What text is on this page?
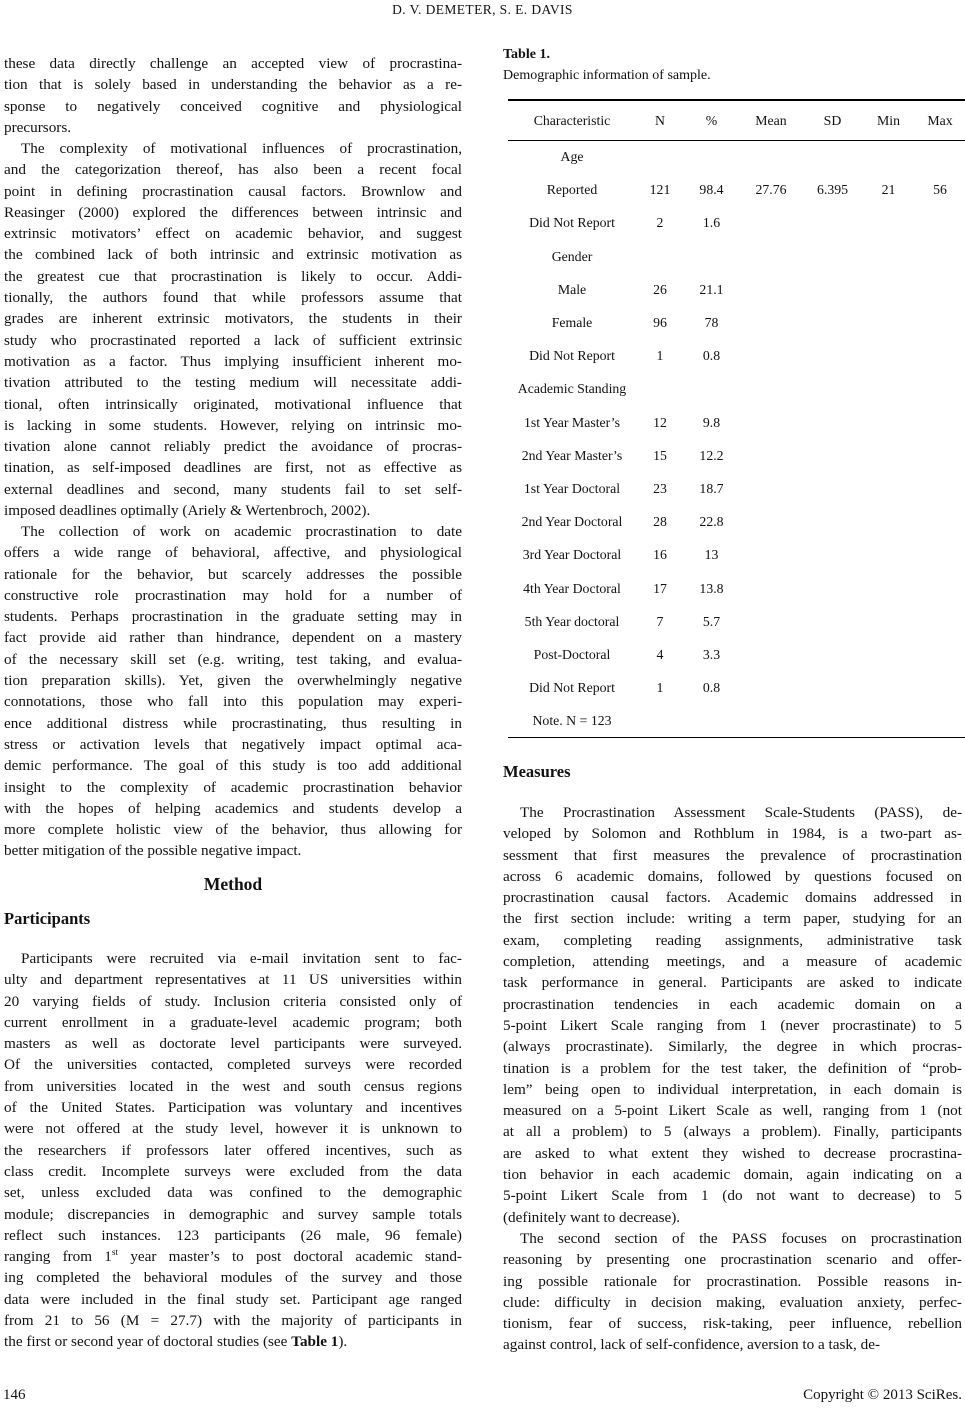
D. V. DEMETER, S. E. DAVIS
these data directly challenge an accepted view of procrastina-
tion that is solely based in understanding the behavior as a re-
sponse to negatively conceived cognitive and physiological
precursors.
The complexity of motivational influences of procrastination,
and the categorization thereof, has also been a recent focal
point in defining procrastination causal factors. Brownlow and
Reasinger (2000) explored the differences between intrinsic and
extrinsic motivators’ effect on academic behavior, and suggest
the combined lack of both intrinsic and extrinsic motivation as
the greatest cue that procrastination is likely to occur. Addi-
tionally, the authors found that while professors assume that
grades are inherent extrinsic motivators, the students in their
study who procrastinated reported a lack of sufficient extrinsic
motivation as a factor. Thus implying insufficient inherent mo-
tivation attributed to the testing medium will necessitate addi-
tional, often intrinsically originated, motivational influence that
is lacking in some students. However, relying on intrinsic mo-
tivation alone cannot reliably predict the avoidance of procras-
tination, as self-imposed deadlines are first, not as effective as
external deadlines and second, many students fail to set self-
imposed deadlines optimally (Ariely & Wertenbroch, 2002).
The collection of work on academic procrastination to date
offers a wide range of behavioral, affective, and physiological
rationale for the behavior, but scarcely addresses the possible
constructive role procrastination may hold for a number of
students. Perhaps procrastination in the graduate setting may in
fact provide aid rather than hindrance, dependent on a mastery
of the necessary skill set (e.g. writing, test taking, and evalua-
tion preparation skills). Yet, given the overwhelmingly negative
connotations, those who fall into this population may experi-
ence additional distress while procrastinating, thus resulting in
stress or activation levels that negatively impact optimal aca-
demic performance. The goal of this study is too add additional
insight to the complexity of academic procrastination behavior
with the hopes of helping academics and students develop a
more complete holistic view of the behavior, thus allowing for
better mitigation of the possible negative impact.
Method
Participants
Participants were recruited via e-mail invitation sent to fac-
ulty and department representatives at 11 US universities within
20 varying fields of study. Inclusion criteria consisted only of
current enrollment in a graduate-level academic program; both
masters as well as doctorate level participants were surveyed.
Of the universities contacted, completed surveys were recorded
from universities located in the west and south census regions
of the United States. Participation was voluntary and incentives
were not offered at the study level, however it is unknown to
the researchers if professors later offered incentives, such as
class credit. Incomplete surveys were excluded from the data
set, unless excluded data was confined to the demographic
module; discrepancies in demographic and survey sample totals
reflect such instances. 123 participants (26 male, 96 female)
ranging from 1st year master’s to post doctoral academic stand-
ing completed the behavioral modules of the survey and those
data were included in the final study set. Participant age ranged
from 21 to 56 (M = 27.7) with the majority of participants in
the first or second year of doctoral studies (see Table 1).
Table 1.
Demographic information of sample.
Characteristic	N	%	Mean	SD	Min	Max
Age						
Reported	121	98.4	27.76	6.395	21	56
Did Not Report	2	1.6				
Gender						
Male	26	21.1				
Female	96	78				
Did Not Report	1	0.8				
Academic Standing						
1st Year Master’s	12	9.8				
2nd Year Master’s	15	12.2				
1st Year Doctoral	23	18.7				
2nd Year Doctoral	28	22.8				
3rd Year Doctoral	16	13				
4th Year Doctoral	17	13.8				
5th Year doctoral	7	5.7				
Post-Doctoral	4	3.3				
Did Not Report	1	0.8				
Note. N = 123						
Measures
The Procrastination Assessment Scale-Students (PASS), de-
veloped by Solomon and Rothblum in 1984, is a two-part as-
sessment that first measures the prevalence of procrastination
across 6 academic domains, followed by questions focused on
procrastination causal factors. Academic domains addressed in
the first section include: writing a term paper, studying for an
exam, completing reading assignments, administrative task
completion, attending meetings, and a measure of academic
task performance in general. Participants are asked to indicate
procrastination tendencies in each academic domain on a
5-point Likert Scale ranging from 1 (never procrastinate) to 5
(always procrastinate). Similarly, the degree in which procras-
tination is a problem for the test taker, the definition of “prob-
lem” being open to individual interpretation, in each domain is
measured on a 5-point Likert Scale as well, ranging from 1 (not
at all a problem) to 5 (always a problem). Finally, participants
are asked to what extent they wished to decrease procrastina-
tion behavior in each academic domain, again indicating on a
5-point Likert Scale from 1 (do not want to decrease) to 5
(definitely want to decrease).
The second section of the PASS focuses on procrastination
reasoning by presenting one procrastination scenario and offer-
ing possible rationale for procrastination. Possible reasons in-
clude: difficulty in decision making, evaluation anxiety, perfec-
tionism, fear of success, risk-taking, peer influence, rebellion
against control, lack of self-confidence, aversion to a task, de-
146	Copyright © 2013 SciRes.
